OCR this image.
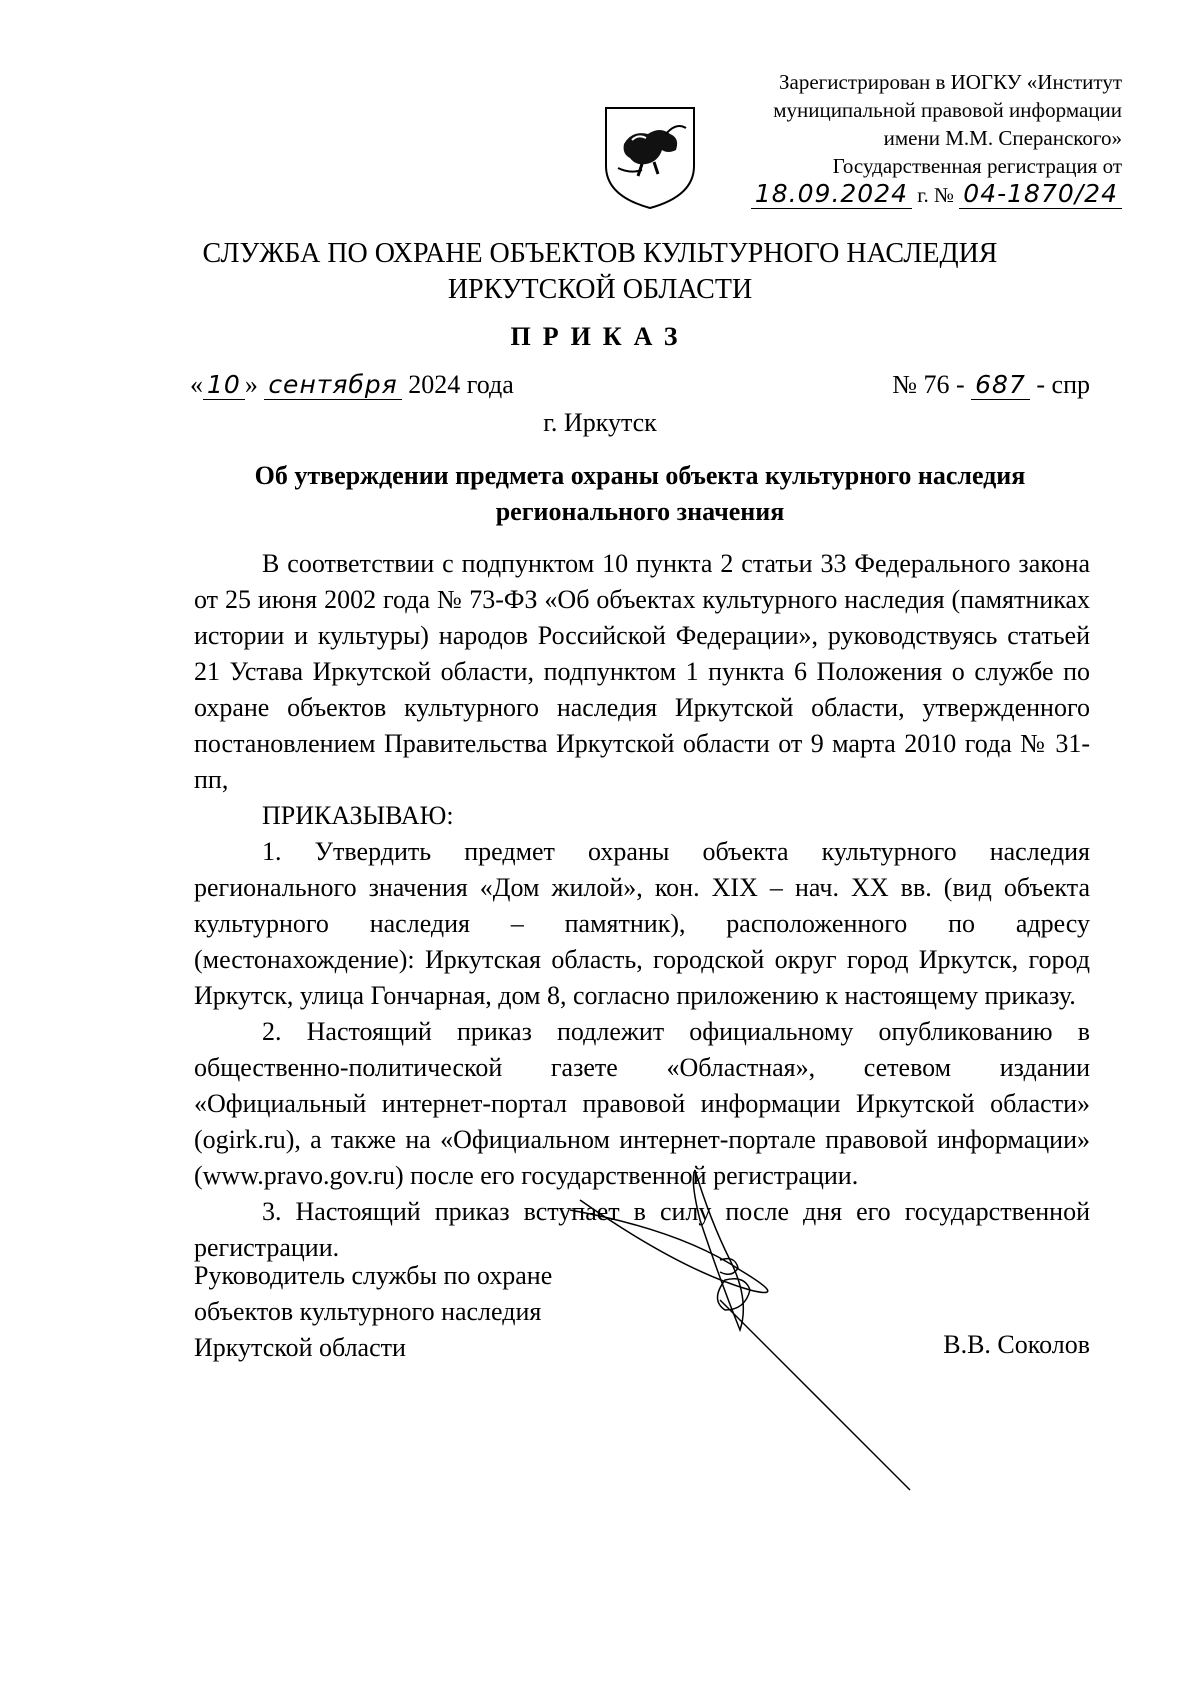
Зарегистрирован в ИОГКУ «Институт
муниципальной правовой информации
имени М.М. Сперанского»
Государственная регистрация от
18.09.2024 г. № 04-1870/24
СЛУЖБА ПО ОХРАНЕ ОБЪЕКТОВ КУЛЬТУРНОГО НАСЛЕДИЯ
ИРКУТСКОЙ ОБЛАСТИ
ПРИКАЗ
« 10 » сентября 2024 года	№ 76 - 687 - спр
г. Иркутск
Об утверждении предмета охраны объекта культурного наследия
регионального значения

В соответствии с подпунктом 10 пункта 2 статьи 33 Федерального закона от 25 июня 2002 года № 73-ФЗ «Об объектах культурного наследия (памятниках истории и культуры) народов Российской Федерации», руководствуясь статьей 21 Устава Иркутской области, подпунктом 1 пункта 6 Положения о службе по охране объектов культурного наследия Иркутской области, утвержденного постановлением Правительства Иркутской области от 9 марта 2010 года № 31-пп,

ПРИКАЗЫВАЮ:

1. Утвердить предмет охраны объекта культурного наследия регионального значения «Дом жилой», кон. XIX – нач. XX вв. (вид объекта культурного наследия – памятник), расположенного по адресу (местонахождение): Иркутская область, городской округ город Иркутск, город Иркутск, улица Гончарная, дом 8, согласно приложению к настоящему приказу.

2. Настоящий приказ подлежит официальному опубликованию в общественно-политической газете «Областная», сетевом издании «Официальный интернет-портал правовой информации Иркутской области» (ogirk.ru), а также на «Официальном интернет-портале правовой информации» (www.pravo.gov.ru) после его государственной регистрации.

3. Настоящий приказ вступает в силу после дня его государственной регистрации.

Руководитель службы по охране
объектов культурного наследия
Иркутской области	В.В. Соколов
